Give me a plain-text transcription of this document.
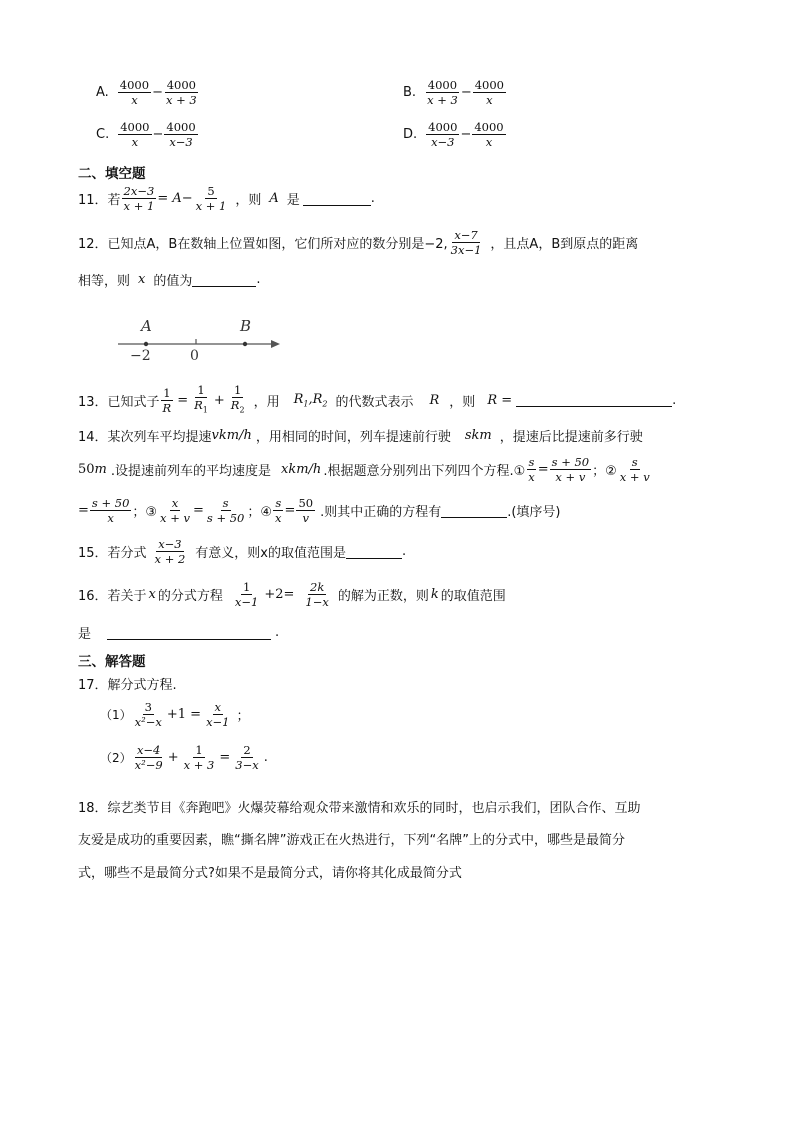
A. $\frac{4000}{x} - \frac{4000}{x + 3}$	B. $\frac{4000}{x + 3} - \frac{4000}{x}$
C. $\frac{4000}{x} - \frac{4000}{x-3}$	D. $\frac{4000}{x-3} - \frac{4000}{x}$
二、填空题
11．若 $\frac{2x-3}{x + 1} = A- \frac{5}{x + 1}$ ，则 A 是	.
12．已知点A，B在数轴上位置如图，它们所对应的数分别是−2, $\frac{x-7}{3x-1}$ ，且点A，B到原点的距离
相等，则 x 的值为	.
A	B
−2	0
13．已知式子 $\frac{1}{R} = \frac{1}{R_1} + \frac{1}{R_2}$ ，用 $R_1,R_2$ 的代数式表示 R ，则 R =	.
14．某次列车平均提速 vkm/h ，用相同的时间，列车提速前行驶 skm ，提速后比提速前多行驶
50 m .设提速前列车的平均速度是 xkm/h .根据题意分别列出下列四个方程.① $\frac{s}{x} = \frac{s + 50}{x + v}$ ；② $\frac{s}{x + v}$
= $\frac{s + 50}{x}$ ；③ $\frac{x}{x + v} = \frac{s}{s + 50}$ ；④ $\frac{s}{x} = \frac{50}{v}$ .则其中正确的方程有	.(填序号)
15．若分式 $\frac{x-3}{x + 2}$ 有意义，则x的取值范围是	.
16．若关于 x 的分式方程 $\frac{1}{x-1} +2= \frac{2k}{1-x}$ 的解为正数，则 k 的取值范围
是	.
三、解答题
17．解分式方程.
$(1) \frac{3}{\text{x²−x}} +1 = \frac{x}{x-1}$ ；
$(2) \frac{x-4}{\text{x²−9}} + \frac{1}{x + 3} = \frac{2}{3-x}$ .
18．综艺类节目《奔跑吧》火爆荧幕给观众带来激情和欢乐的同时，也启示我们，团队合作、互助
友爱是成功的重要因素，瞧“撕名牌”游戏正在火热进行，下列“名牌”上的分式中，哪些是最简分
式，哪些不是最简分式?如果不是最简分式，请你将其化成最简分式
